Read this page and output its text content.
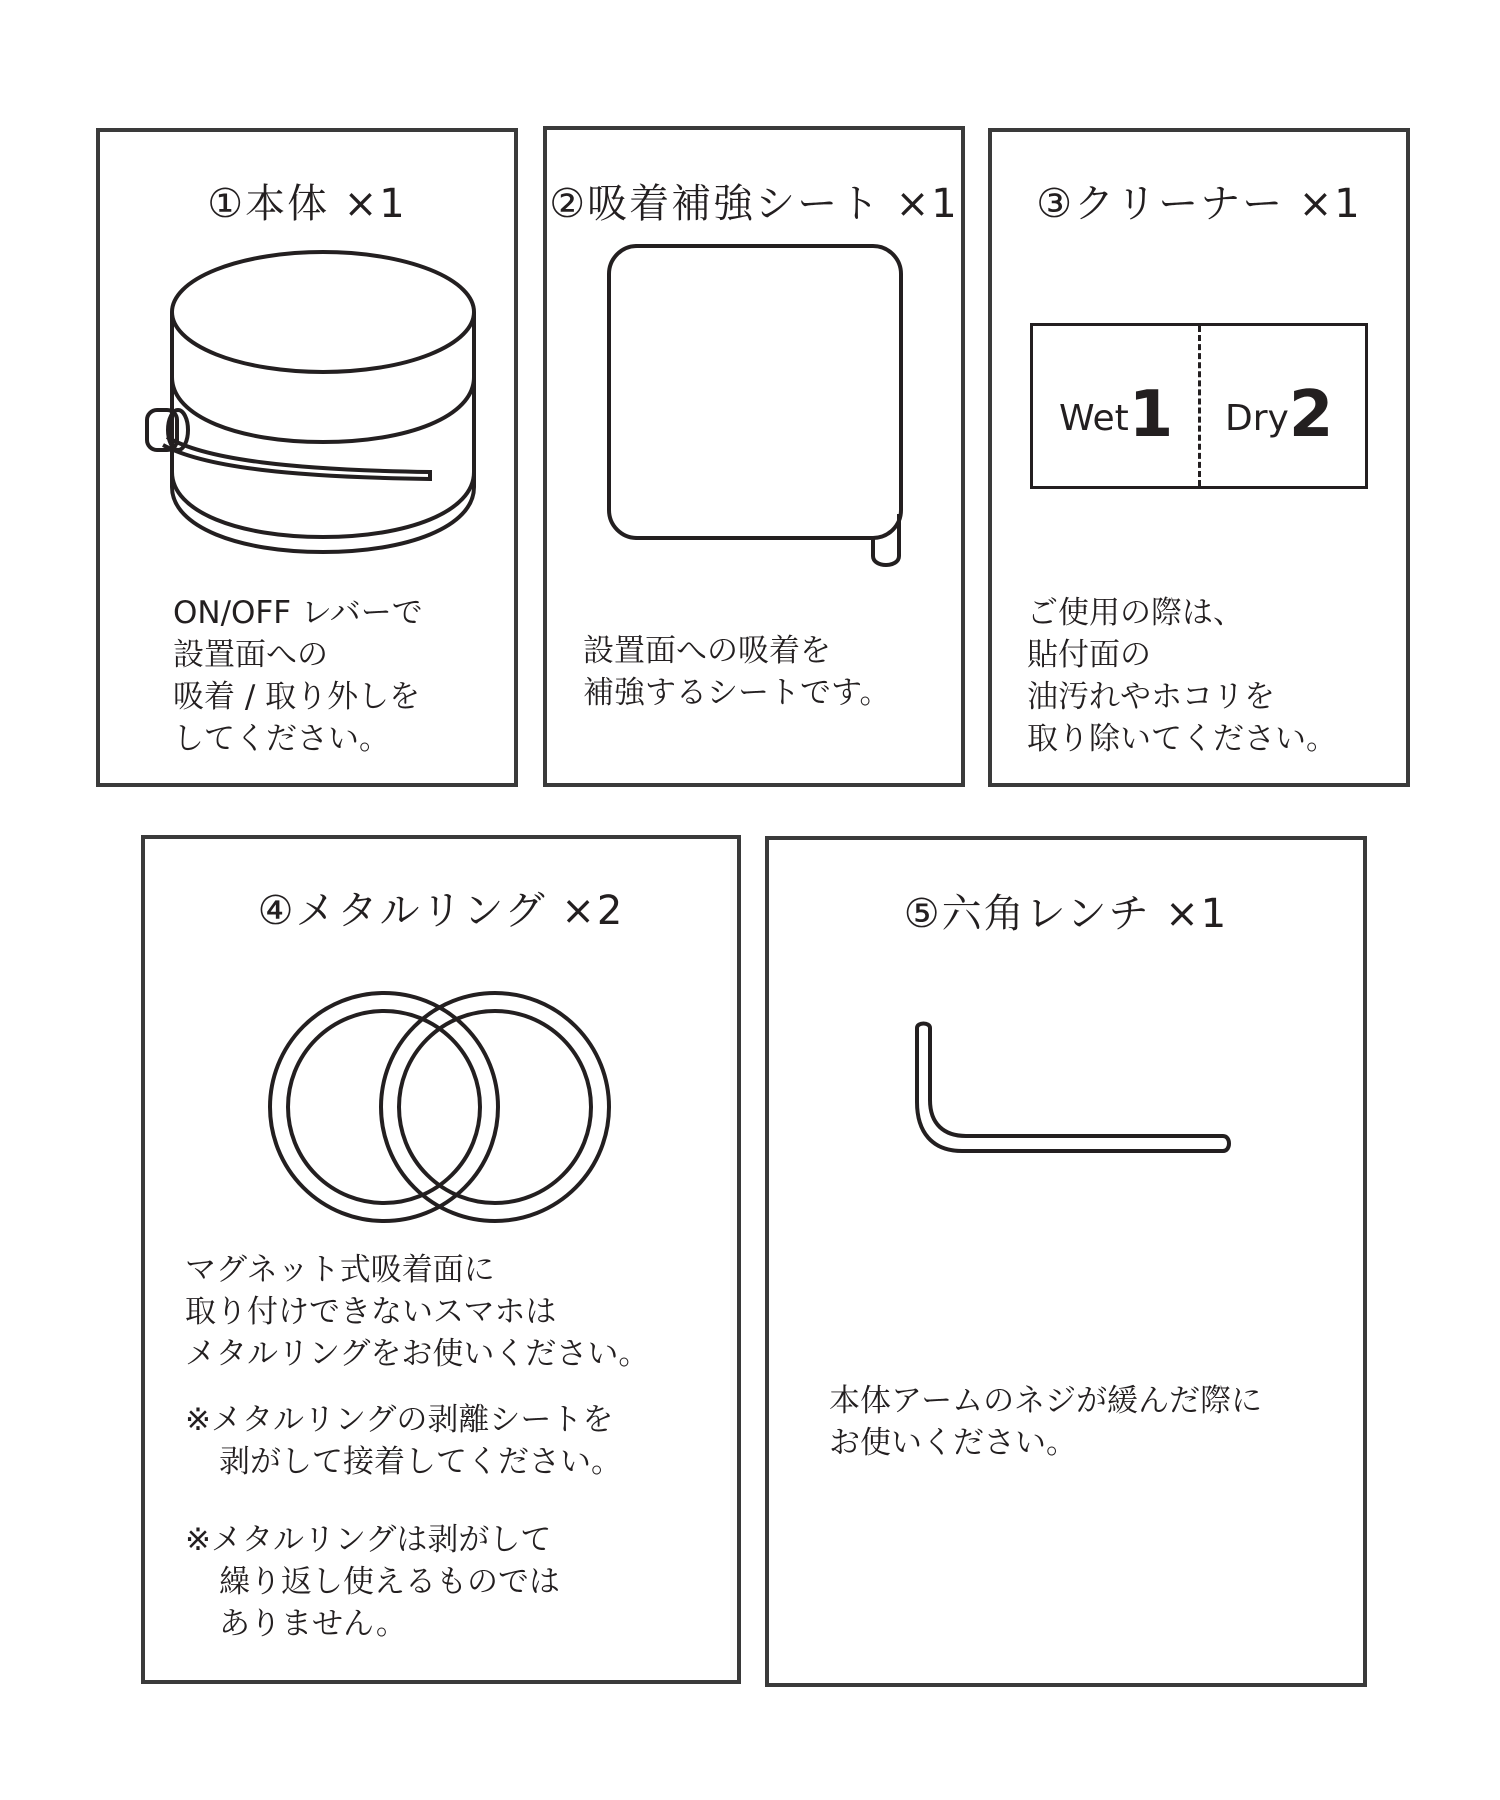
①本体 ×1
ON/OFF レバーで
設置面への
吸着 / 取り外しを
してください。
②吸着補強シート ×1
設置面への吸着を
補強するシートです。
③クリーナー ×1
Wet1 Dry2
ご使用の際は、
貼付面の
油汚れやホコリを
取り除いてください。
④メタルリング ×2
マグネット式吸着面に
取り付けできないスマホは
メタルリングをお使いください。
※メタルリングの剥離シートを
剥がして接着してください。
※メタルリングは剥がして
繰り返し使えるものでは
ありません。
⑤六角レンチ ×1
本体アームのネジが緩んだ際に
お使いください。
